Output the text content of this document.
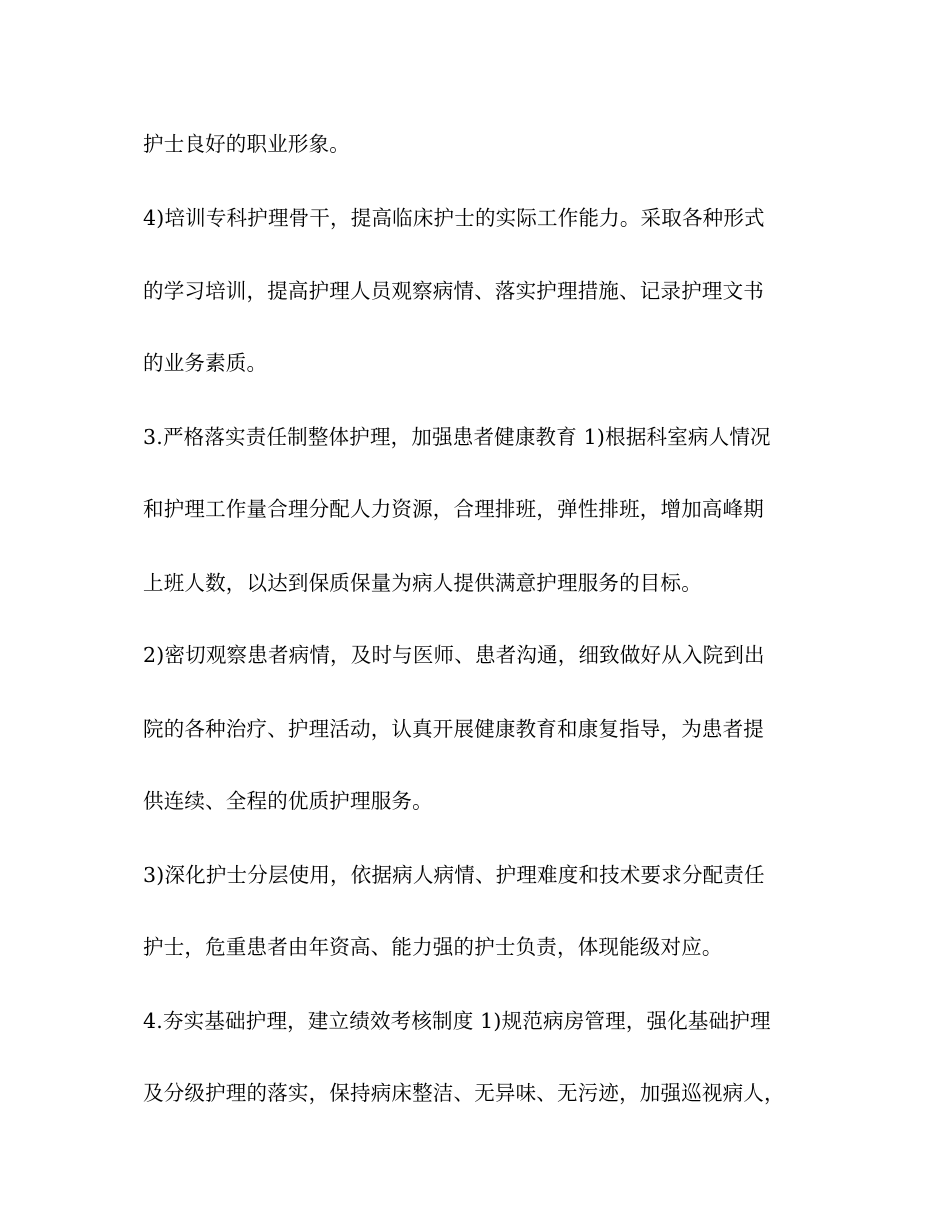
护士良好的职业形象。

4)培训专科护理骨干，提高临床护士的实际工作能力。采取各种形式

的学习培训，提高护理人员观察病情、落实护理措施、记录护理文书

的业务素质。

3.严格落实责任制整体护理，加强患者健康教育 1)根据科室病人情况

和护理工作量合理分配人力资源，合理排班，弹性排班，增加高峰期

上班人数，以达到保质保量为病人提供满意护理服务的目标。

2)密切观察患者病情，及时与医师、患者沟通，细致做好从入院到出

院的各种治疗、护理活动，认真开展健康教育和康复指导，为患者提

供连续、全程的优质护理服务。

3)深化护士分层使用，依据病人病情、护理难度和技术要求分配责任

护士，危重患者由年资高、能力强的护士负责，体现能级对应。

4.夯实基础护理，建立绩效考核制度 1)规范病房管理，强化基础护理

及分级护理的落实，保持病床整洁、无异味、无污迹，加强巡视病人，
